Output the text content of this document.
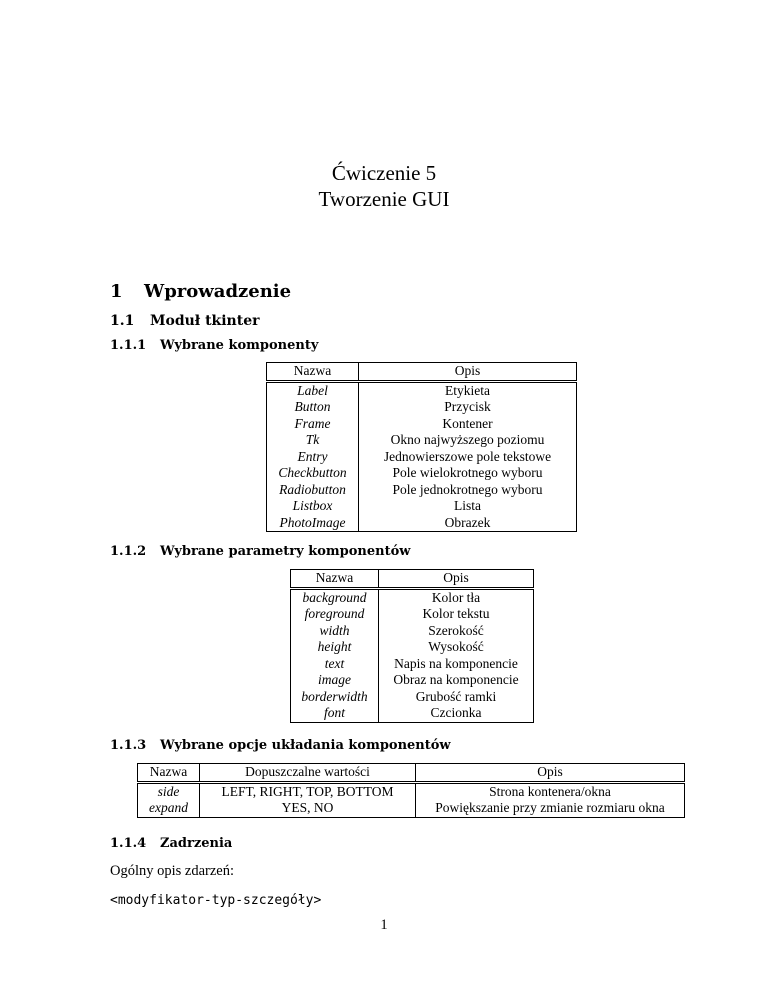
Ćwiczenie 5
Tworzenie GUI
1 Wprowadzenie
1.1 Moduł tkinter
1.1.1 Wybrane komponenty
Nazwa	Opis
Label	Etykieta
Button	Przycisk
Frame	Kontener
Tk	Okno najwyższego poziomu
Entry	Jednowierszowe pole tekstowe
Checkbutton	Pole wielokrotnego wyboru
Radiobutton	Pole jednokrotnego wyboru
Listbox	Lista
PhotoImage	Obrazek
1.1.2 Wybrane parametry komponentów
Nazwa	Opis
background	Kolor tła
foreground	Kolor tekstu
width	Szerokość
height	Wysokość
text	Napis na komponencie
image	Obraz na komponencie
borderwidth	Grubość ramki
font	Czcionka
1.1.3 Wybrane opcje układania komponentów
Nazwa	Dopuszczalne wartości	Opis
side	LEFT, RIGHT, TOP, BOTTOM	Strona kontenera/okna
expand	YES, NO	Powiększanie przy zmianie rozmiaru okna
1.1.4 Zadrzenia
Ogólny opis zdarzeń:
<modyfikator-typ-szczegóły>
1
